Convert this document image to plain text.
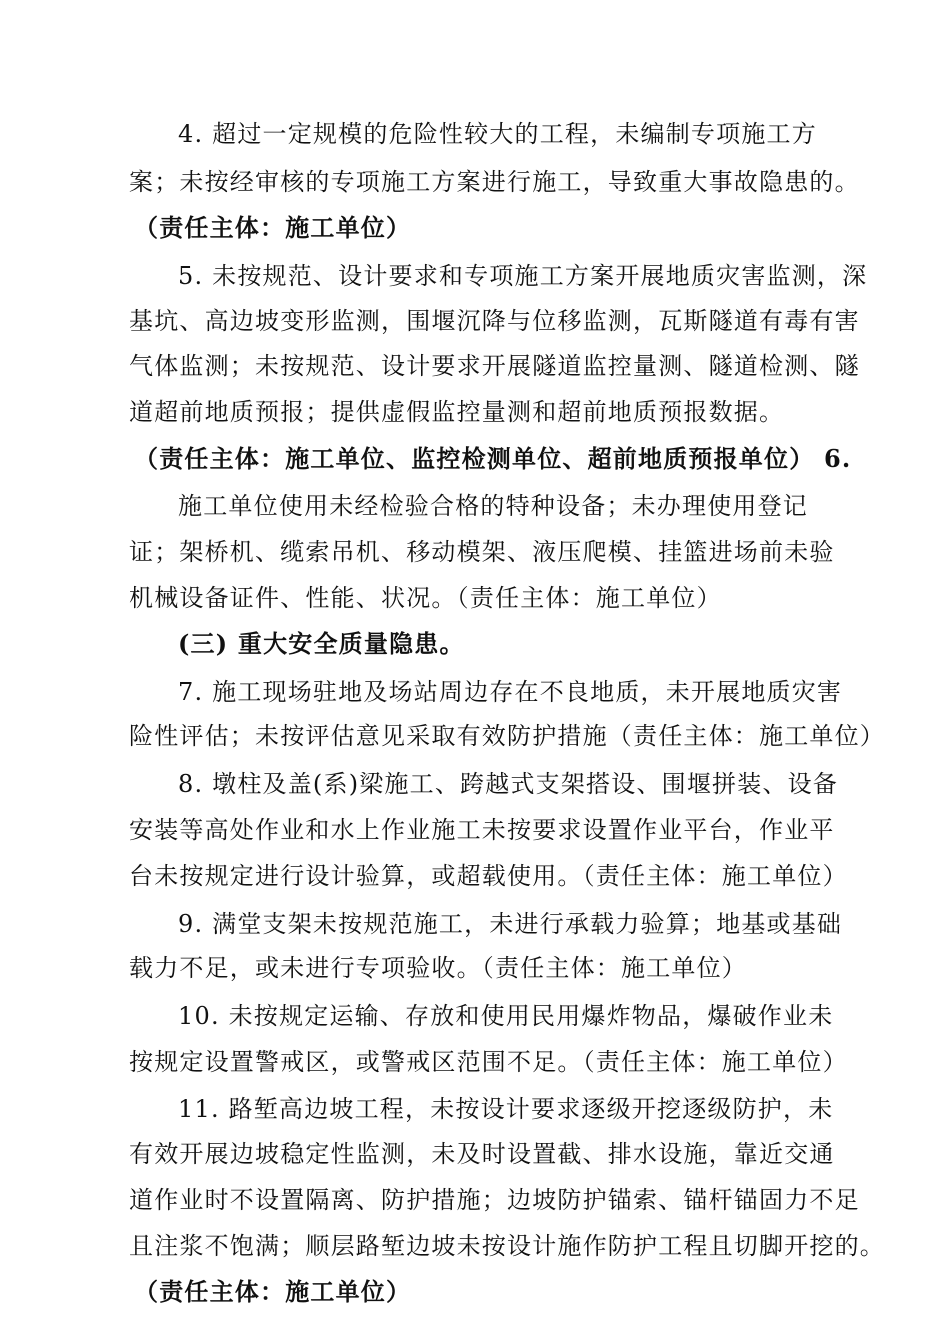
4. 超过一定规模的危险性较大的工程，未编制专项施工方
案；未按经审核的专项施工方案进行施工，导致重大事故隐患的。
（责任主体：施工单位）
5. 未按规范、设计要求和专项施工方案开展地质灾害监测，深
基坑、高边坡变形监测，围堰沉降与位移监测，瓦斯隧道有毒有害
气体监测；未按规范、设计要求开展隧道监控量测、隧道检测、隧
道超前地质预报；提供虚假监控量测和超前地质预报数据。
（责任主体：施工单位、监控检测单位、超前地质预报单位） 6.
施工单位使用未经检验合格的特种设备；未办理使用登记
证；架桥机、缆索吊机、移动模架、液压爬模、挂篮进场前未验
机械设备证件、性能、状况。（责任主体：施工单位）
(三) 重大安全质量隐患。
7. 施工现场驻地及场站周边存在不良地质，未开展地质灾害
险性评估；未按评估意见采取有效防护措施（责任主体：施工单位）
8. 墩柱及盖(系)梁施工、跨越式支架搭设、围堰拼装、设备
安装等高处作业和水上作业施工未按要求设置作业平台，作业平
台未按规定进行设计验算，或超载使用。（责任主体：施工单位）
9. 满堂支架未按规范施工，未进行承载力验算；地基或基础
载力不足，或未进行专项验收。（责任主体：施工单位）
10. 未按规定运输、存放和使用民用爆炸物品，爆破作业未
按规定设置警戒区，或警戒区范围不足。（责任主体：施工单位）
11. 路堑高边坡工程，未按设计要求逐级开挖逐级防护，未
有效开展边坡稳定性监测，未及时设置截、排水设施，靠近交通
道作业时不设置隔离、防护措施；边坡防护锚索、锚杆锚固力不足
且注浆不饱满；顺层路堑边坡未按设计施作防护工程且切脚开挖的。
（责任主体：施工单位）
